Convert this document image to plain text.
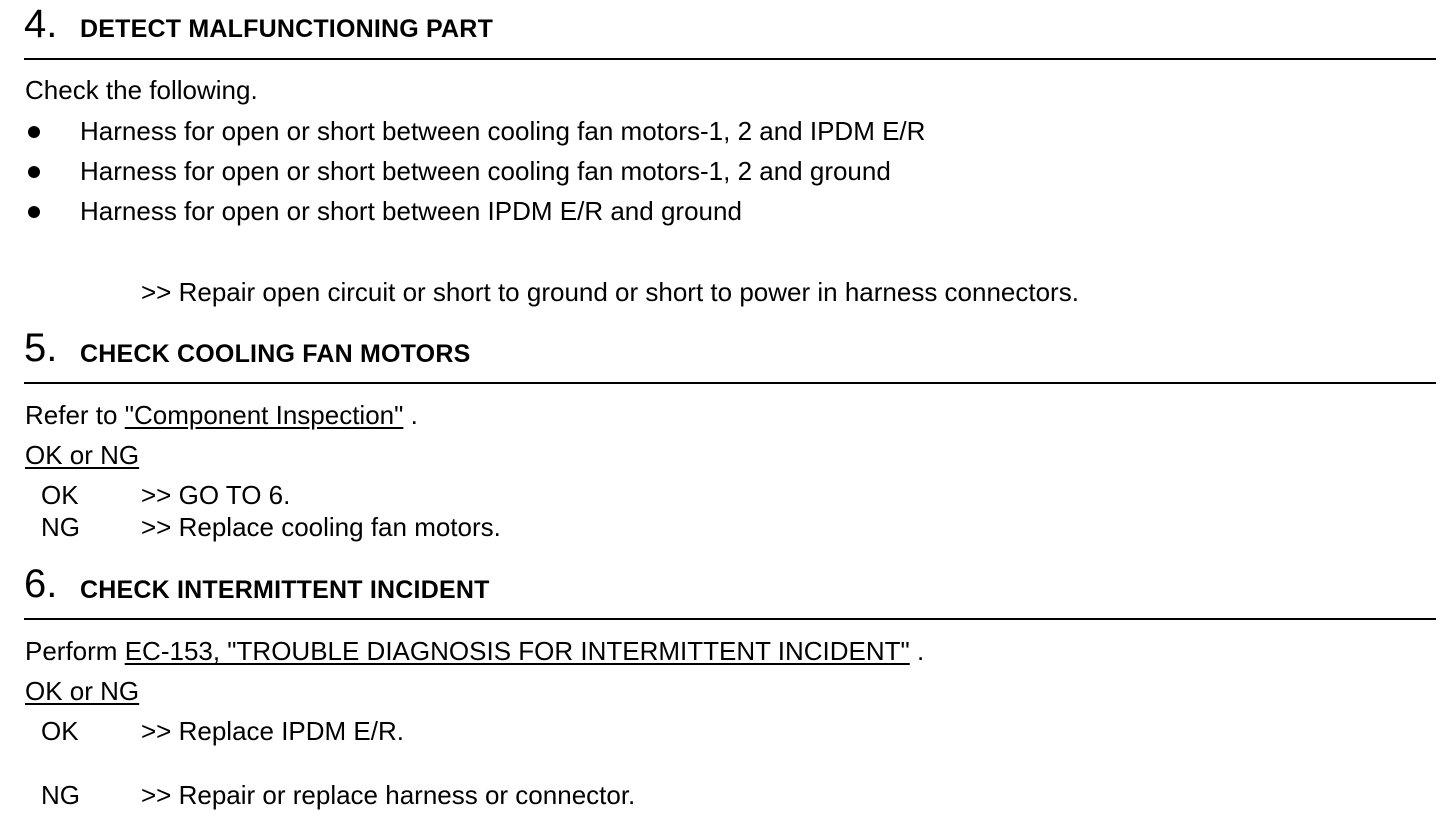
4. DETECT MALFUNCTIONING PART
Check the following.
Harness for open or short between cooling fan motors-1, 2 and IPDM E/R
Harness for open or short between cooling fan motors-1, 2 and ground
Harness for open or short between IPDM E/R and ground
>> Repair open circuit or short to ground or short to power in harness connectors.
5. CHECK COOLING FAN MOTORS
Refer to "Component Inspection" .
OK or NG
OK >> GO TO 6.
NG >> Replace cooling fan motors.
6. CHECK INTERMITTENT INCIDENT
Perform EC-153, "TROUBLE DIAGNOSIS FOR INTERMITTENT INCIDENT" .
OK or NG
OK >> Replace IPDM E/R.
NG >> Repair or replace harness or connector.
